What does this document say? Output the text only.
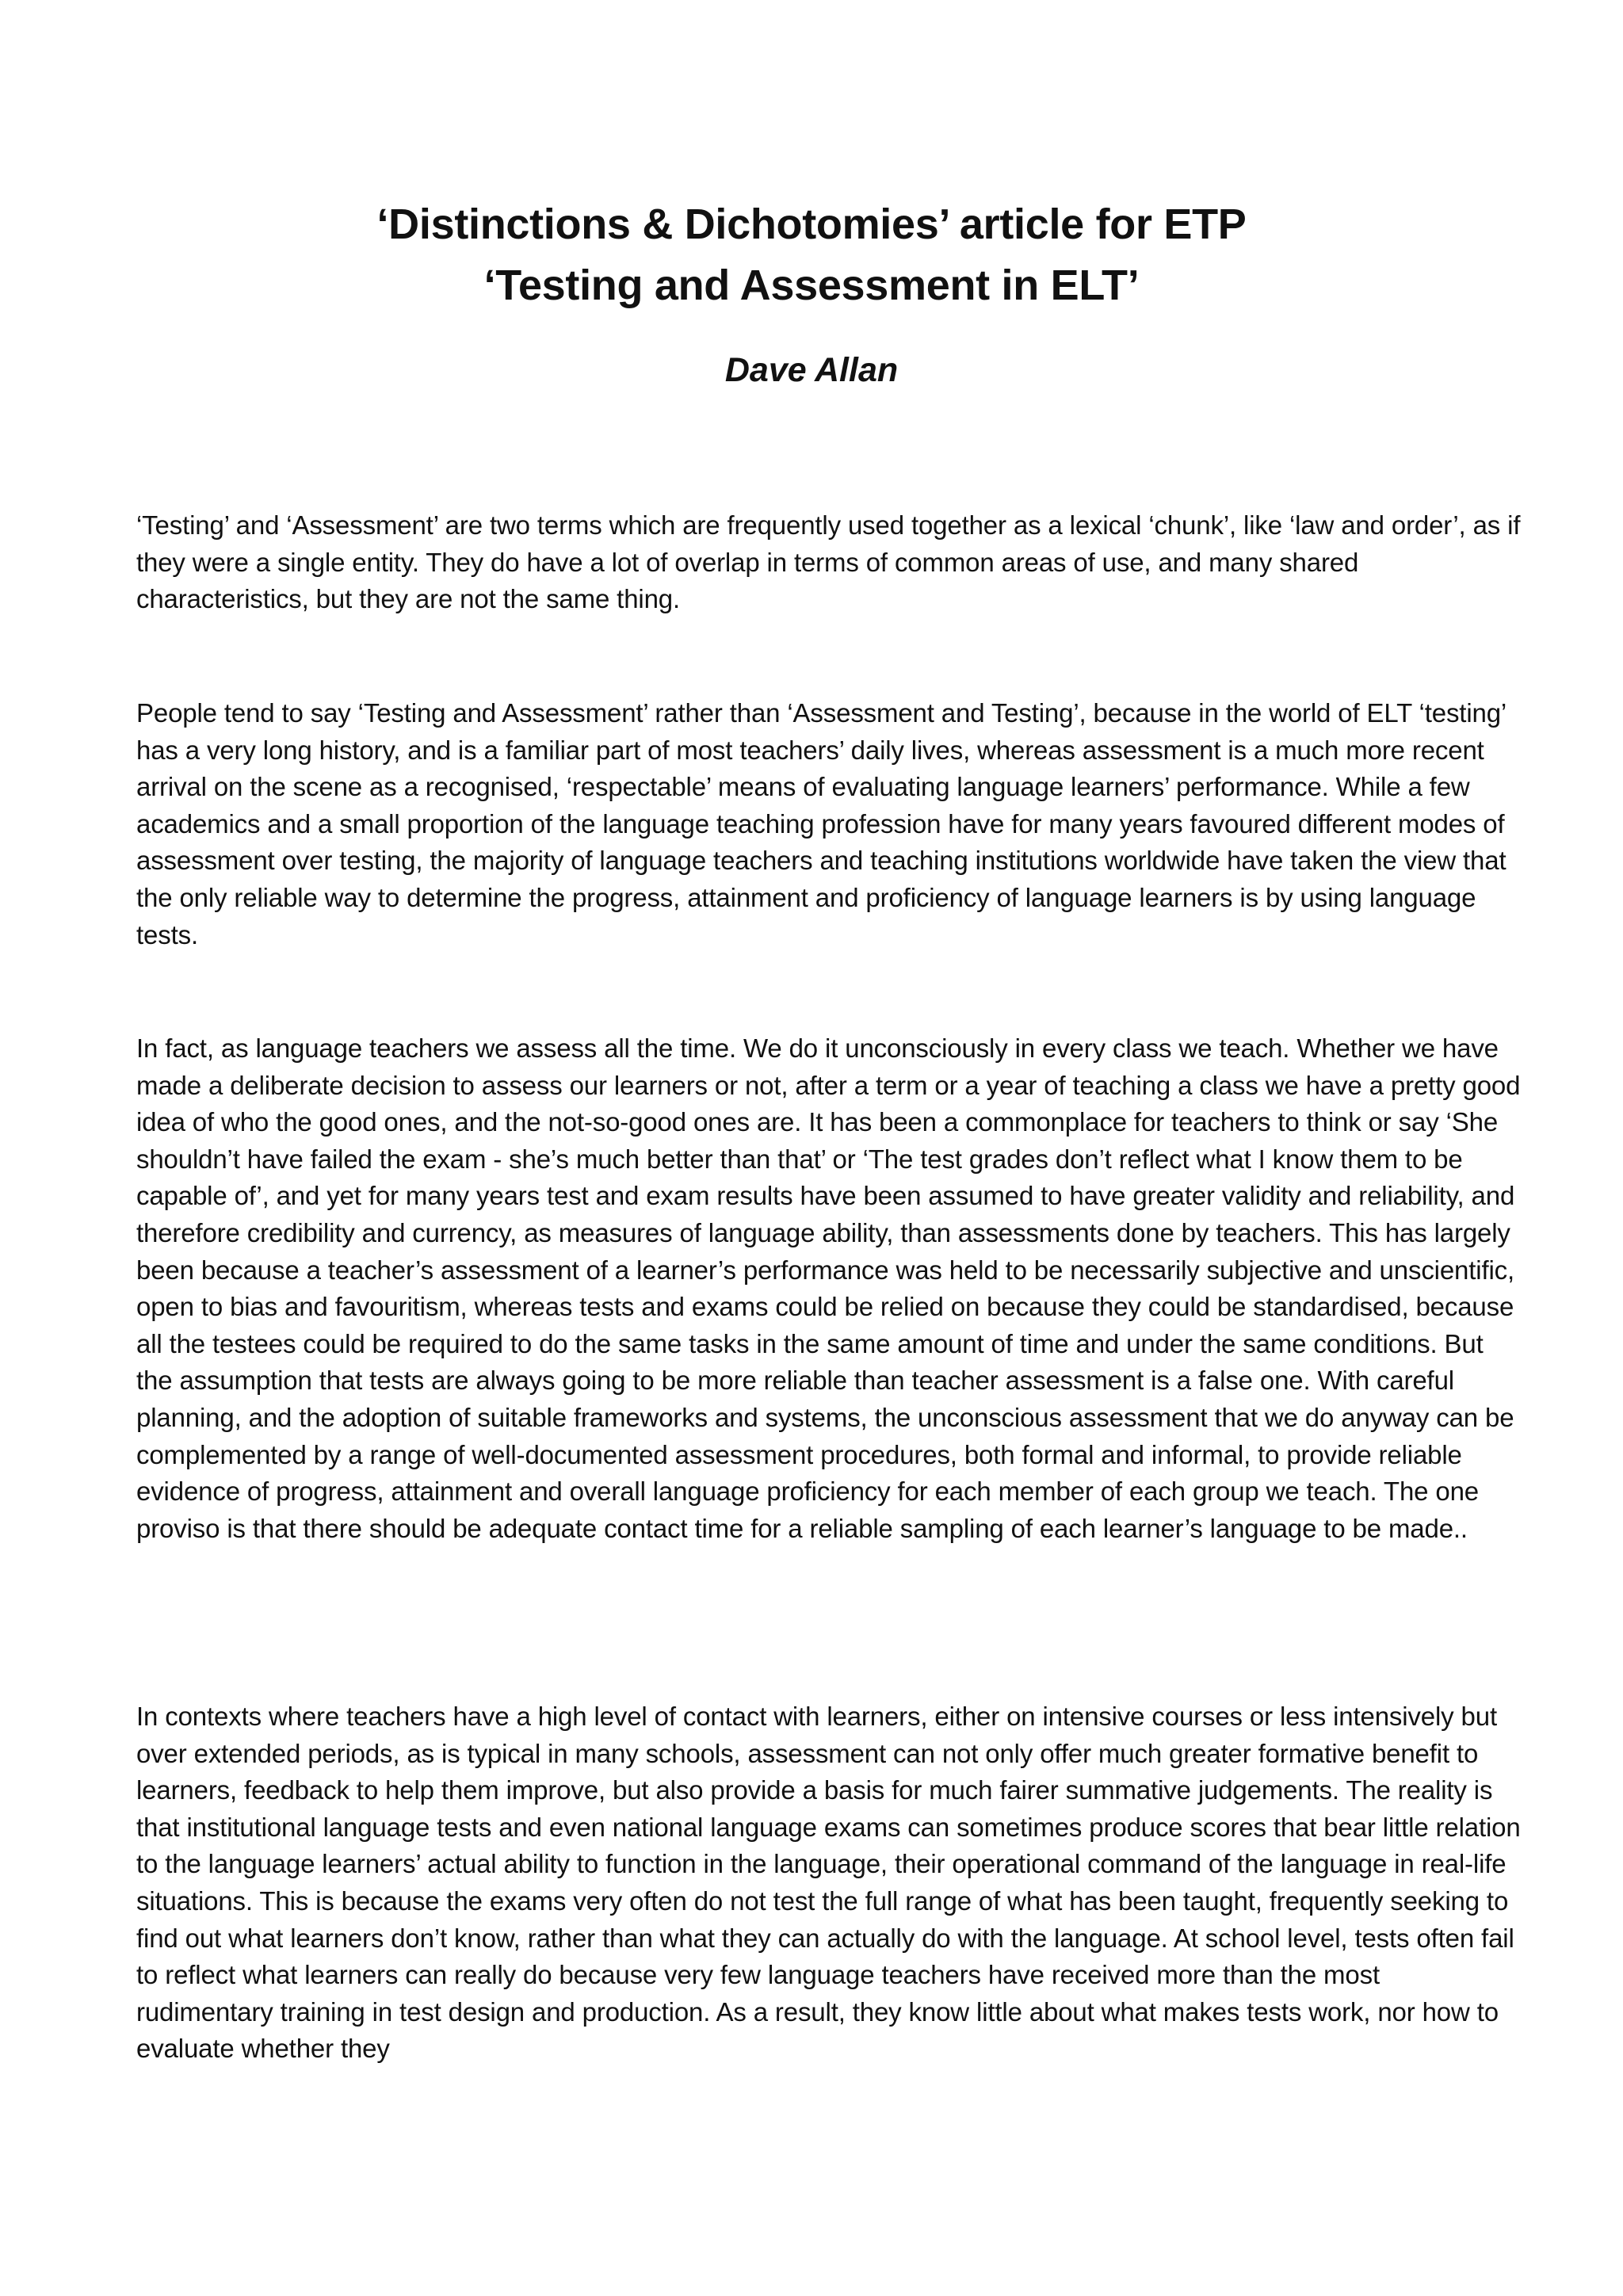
‘Distinctions & Dichotomies’ article for ETP
‘Testing and Assessment in ELT’
Dave Allan

‘Testing’ and ‘Assessment’ are two terms which are frequently used together as a lexical ‘chunk’, like ‘law and order’, as if they were a single entity. They do have a lot of overlap in terms of common areas of use, and many shared characteristics, but they are not the same thing.

People tend to say ‘Testing and Assessment’ rather than ‘Assessment and Testing’, because in the world of ELT ‘testing’ has a very long history, and is a familiar part of most teachers’ daily lives, whereas assessment is a much more recent arrival on the scene as a recognised, ‘respectable’ means of evaluating language learners’ performance. While a few academics and a small proportion of the language teaching profession have for many years favoured different modes of assessment over testing, the majority of language teachers and teaching institutions worldwide have taken the view that the only reliable way to determine the progress, attainment and proficiency of language learners is by using language tests.

In fact, as language teachers we assess all the time. We do it unconsciously in every class we teach. Whether we have made a deliberate decision to assess our learners or not, after a term or a year of teaching a class we have a pretty good idea of who the good ones, and the not-so-good ones are. It has been a commonplace for teachers to think or say ‘She shouldn’t have failed the exam - she’s much better than that’ or ‘The test grades don’t reflect what I know them to be capable of’, and yet for many years test and exam results have been assumed to have greater validity and reliability, and therefore credibility and currency, as measures of language ability, than assessments done by teachers. This has largely been because a teacher’s assessment of a learner’s performance was held to be necessarily subjective and unscientific, open to bias and favouritism, whereas tests and exams could be relied on because they could be standardised, because all the testees could be required to do the same tasks in the same amount of time and under the same conditions. But the assumption that tests are always going to be more reliable than teacher assessment is a false one. With careful planning, and the adoption of suitable frameworks and systems, the unconscious assessment that we do anyway can be complemented by a range of well-documented assessment procedures, both formal and informal, to provide reliable evidence of progress, attainment and overall language proficiency for each member of each group we teach. The one proviso is that there should be adequate contact time for a reliable sampling of each learner’s language to be made..

In contexts where teachers have a high level of contact with learners, either on intensive courses or less intensively but over extended periods, as is typical in many schools, assessment can not only offer much greater formative benefit to learners, feedback to help them improve, but also provide a basis for much fairer summative judgements. The reality is that institutional language tests and even national language exams can sometimes produce scores that bear little relation to the language learners’ actual ability to function in the language, their operational command of the language in real-life situations. This is because the exams very often do not test the full range of what has been taught, frequently seeking to find out what learners don’t know, rather than what they can actually do with the language. At school level, tests often fail to reflect what learners can really do because very few language teachers have received more than the most rudimentary training in test design and production. As a result, they know little about what makes tests work, nor how to evaluate whether they
